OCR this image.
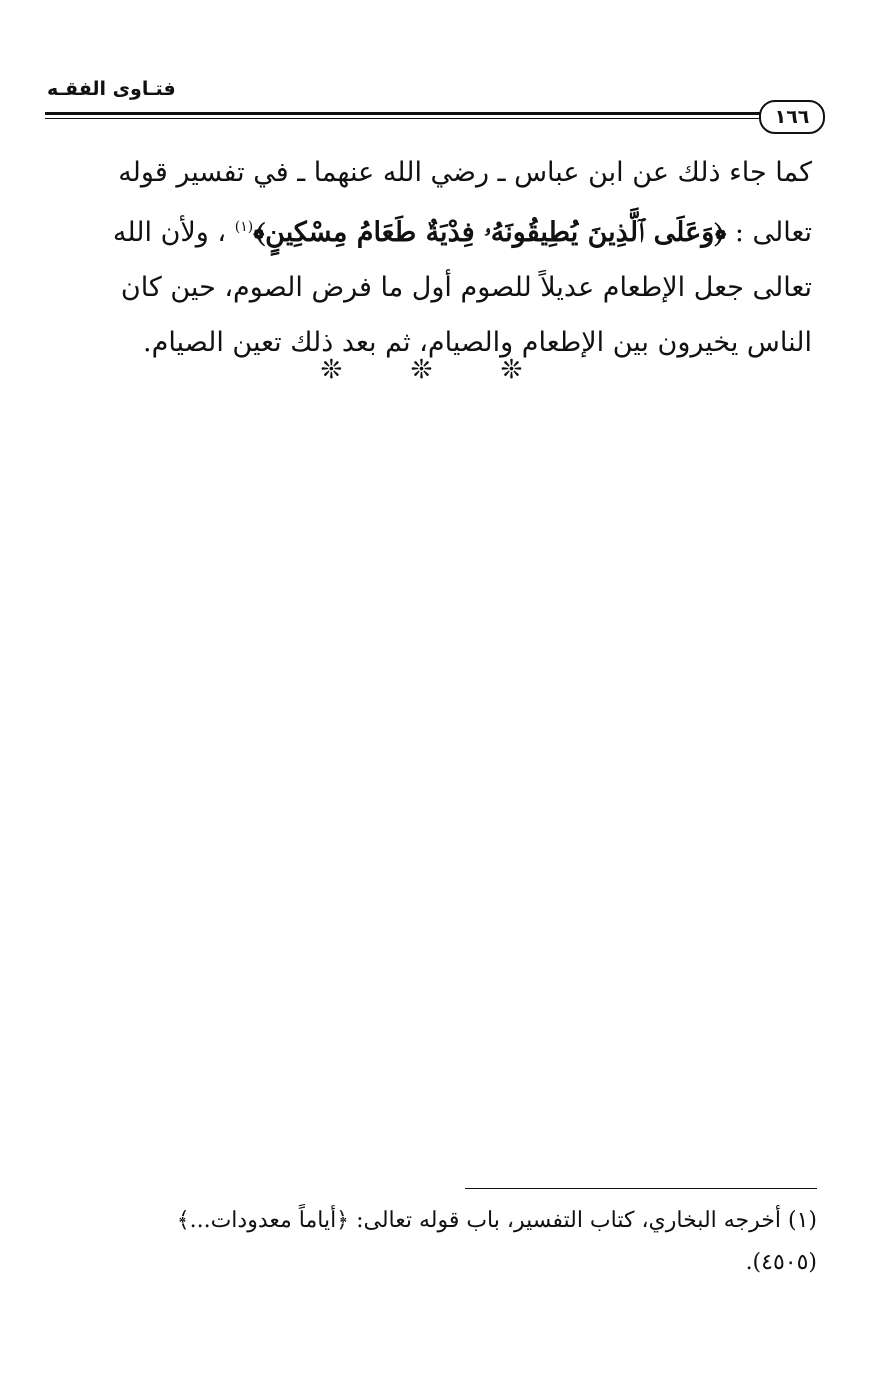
فتـاوى الفقـه
١٦٦
كما جاء ذلك عن ابن عباس ـ رضي الله عنهما ـ في تفسير قوله
تعالى : ﴿وَعَلَى ٱلَّذِينَ يُطِيقُونَهُۥ فِدْيَةٌ طَعَامُ مِسْكِينٍ﴾$^{(١)}$ ، ولأن الله
تعالى جعل الإطعام عديلاً للصوم أول ما فرض الصوم، حين كان
الناس يخيرون بين الإطعام والصيام، ثم بعد ذلك تعين الصيام.
❊ ❊ ❊
(١) أخرجه البخاري، كتاب التفسير، باب قوله تعالى: ﴿أياماً معدودات...﴾
(٤٥٠٥).
